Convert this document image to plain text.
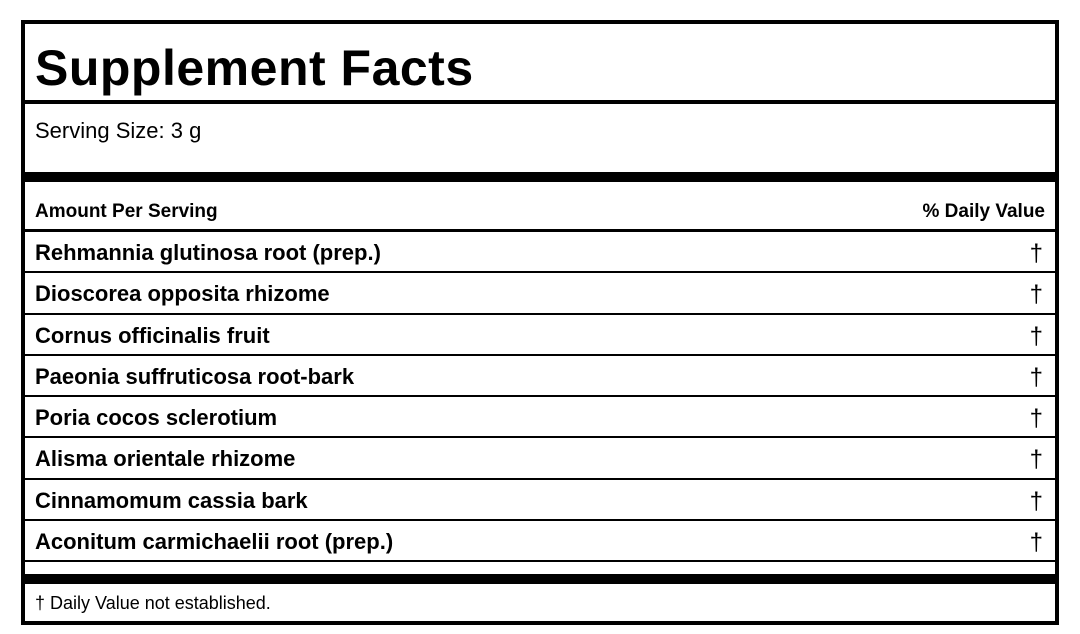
Supplement Facts
Serving Size: 3 g
Amount Per Serving	% Daily Value
Rehmannia glutinosa root (prep.)	†
Dioscorea opposita rhizome	†
Cornus officinalis fruit	†
Paeonia suffruticosa root-bark	†
Poria cocos sclerotium	†
Alisma orientale rhizome	†
Cinnamomum cassia bark	†
Aconitum carmichaelii root (prep.)	†
† Daily Value not established.
